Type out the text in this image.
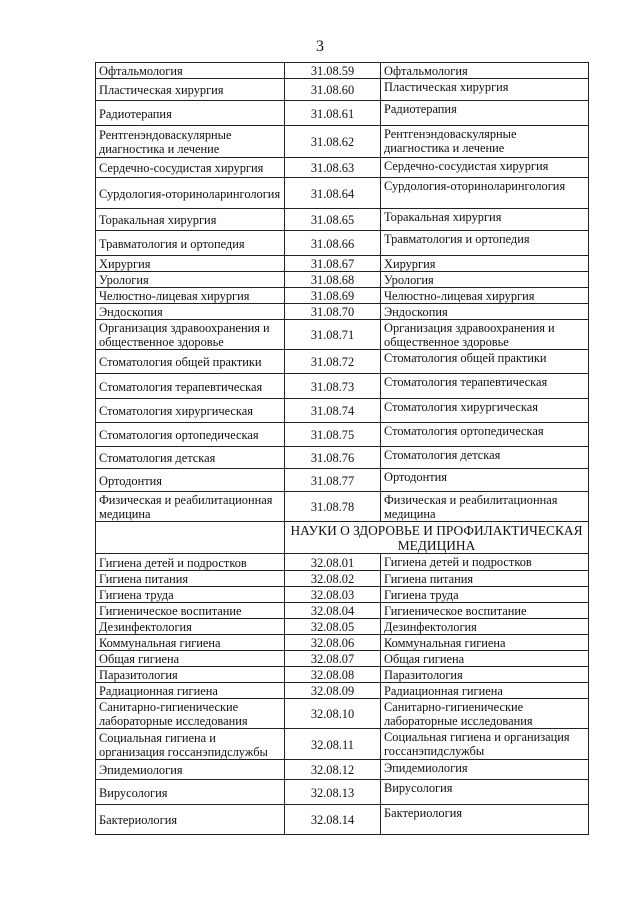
3
Офтальмология	31.08.59	Офтальмология
Пластическая хирургия	31.08.60	Пластическая хирургия
Радиотерапия	31.08.61	Радиотерапия
Рентгенэндоваскулярные диагностика и лечение	31.08.62	Рентгенэндоваскулярные диагностика и лечение
Сердечно-сосудистая хирургия	31.08.63	Сердечно-сосудистая хирургия
Сурдология-оториноларингология	31.08.64	Сурдология-оториноларингология
Торакальная хирургия	31.08.65	Торакальная хирургия
Травматология и ортопедия	31.08.66	Травматология и ортопедия
Хирургия	31.08.67	Хирургия
Урология	31.08.68	Урология
Челюстно-лицевая хирургия	31.08.69	Челюстно-лицевая хирургия
Эндоскопия	31.08.70	Эндоскопия
Организация здравоохранения и общественное здоровье	31.08.71	Организация здравоохранения и общественное здоровье
Стоматология общей практики	31.08.72	Стоматология общей практики
Стоматология терапевтическая	31.08.73	Стоматология терапевтическая
Стоматология хирургическая	31.08.74	Стоматология хирургическая
Стоматология ортопедическая	31.08.75	Стоматология ортопедическая
Стоматология детская	31.08.76	Стоматология детская
Ортодонтия	31.08.77	Ортодонтия
Физическая и реабилитационная медицина	31.08.78	Физическая и реабилитационная медицина
	НАУКИ О ЗДОРОВЬЕ И ПРОФИЛАКТИЧЕСКАЯ МЕДИЦИНА	
Гигиена детей и подростков	32.08.01	Гигиена детей и подростков
Гигиена питания	32.08.02	Гигиена питания
Гигиена труда	32.08.03	Гигиена труда
Гигиеническое воспитание	32.08.04	Гигиеническое воспитание
Дезинфектология	32.08.05	Дезинфектология
Коммунальная гигиена	32.08.06	Коммунальная гигиена
Общая гигиена	32.08.07	Общая гигиена
Паразитология	32.08.08	Паразитология
Радиационная гигиена	32.08.09	Радиационная гигиена
Санитарно-гигиенические лабораторные исследования	32.08.10	Санитарно-гигиенические лабораторные исследования
Социальная гигиена и организация госсанэпидслужбы	32.08.11	Социальная гигиена и организация госсанэпидслужбы
Эпидемиология	32.08.12	Эпидемиология
Вирусология	32.08.13	Вирусология
Бактериология	32.08.14	Бактериология
